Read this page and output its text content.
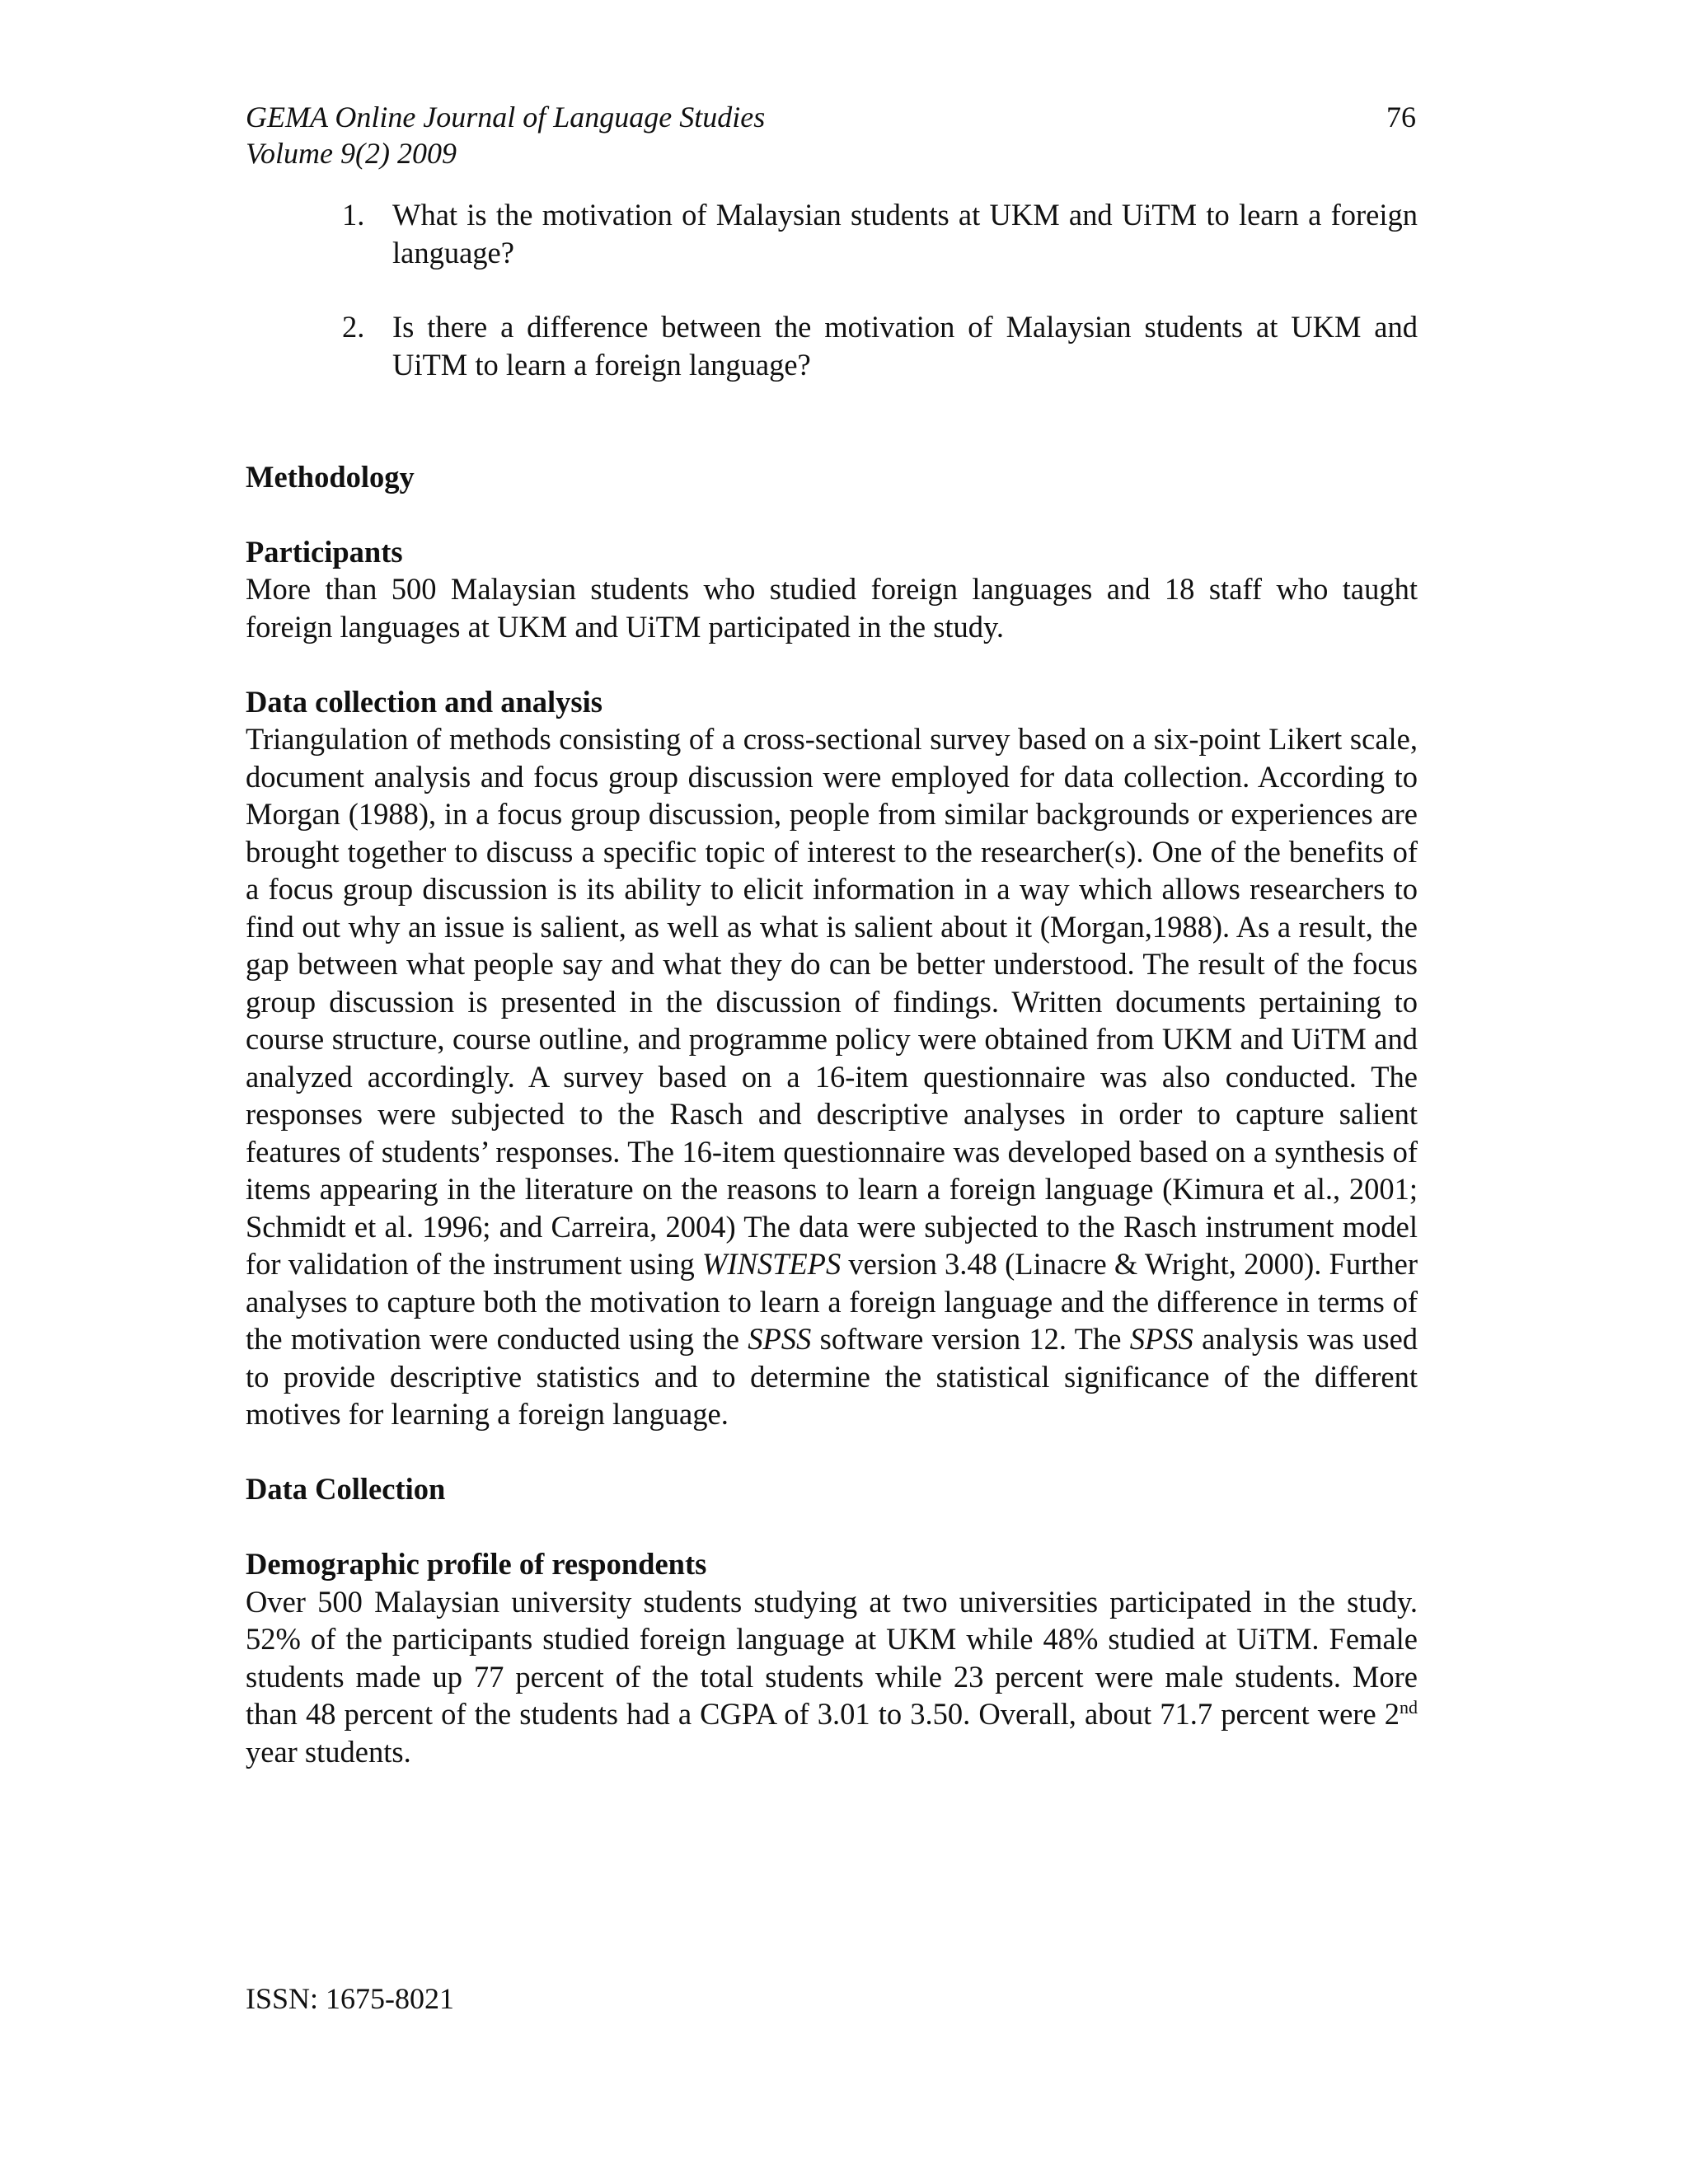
GEMA Online Journal of Language Studies
Volume 9(2) 2009
76
1. What is the motivation of Malaysian students at UKM and UiTM to learn a foreign language?
2. Is there a difference between the motivation of Malaysian students at UKM and UiTM to learn a foreign language?
Methodology
Participants

More than 500 Malaysian students who studied foreign languages and 18 staff who taught foreign languages at UKM and UiTM participated in the study.

Data collection and analysis

Triangulation of methods consisting of a cross-sectional survey based on a six-point Likert scale, document analysis and focus group discussion were employed for data collection. According to Morgan (1988), in a focus group discussion, people from similar backgrounds or experiences are brought together to discuss a specific topic of interest to the researcher(s). One of the benefits of a focus group discussion is its ability to elicit information in a way which allows researchers to find out why an issue is salient, as well as what is salient about it (Morgan,1988). As a result, the gap between what people say and what they do can be better understood. The result of the focus group discussion is presented in the discussion of findings. Written documents pertaining to course structure, course outline, and programme policy were obtained from UKM and UiTM and analyzed accordingly. A survey based on a 16-item questionnaire was also conducted. The responses were subjected to the Rasch and descriptive analyses in order to capture salient features of students’ responses. The 16-item questionnaire was developed based on a synthesis of items appearing in the literature on the reasons to learn a foreign language (Kimura et al., 2001; Schmidt et al. 1996; and Carreira, 2004) The data were subjected to the Rasch instrument model for validation of the instrument using WINSTEPS version 3.48 (Linacre & Wright, 2000). Further analyses to capture both the motivation to learn a foreign language and the difference in terms of the motivation were conducted using the SPSS software version 12. The SPSS analysis was used to provide descriptive statistics and to determine the statistical significance of the different motives for learning a foreign language.

Data Collection
Demographic profile of respondents

Over 500 Malaysian university students studying at two universities participated in the study. 52% of the participants studied foreign language at UKM while 48% studied at UiTM. Female students made up 77 percent of the total students while 23 percent were male students. More than 48 percent of the students had a CGPA of 3.01 to 3.50. Overall, about 71.7 percent were 2nd year students.

ISSN: 1675-8021
